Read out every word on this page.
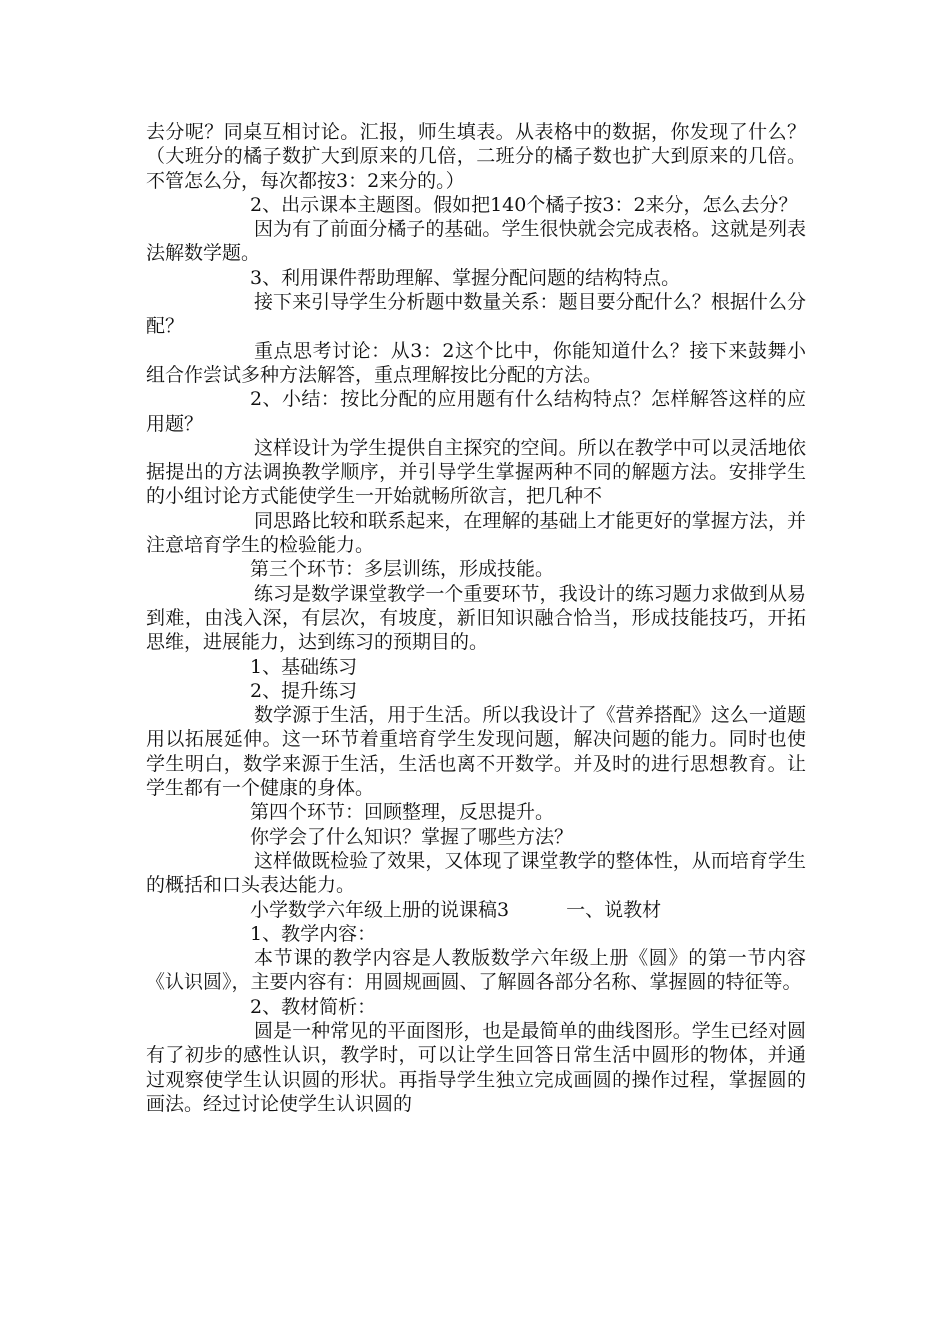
去分呢？同桌互相讨论。汇报，师生填表。从表格中的数据，你发现了什么？（大班分的橘子数扩大到原来的几倍，二班分的橘子数也扩大到原来的几倍。不管怎么分，每次都按3：2来分的。）

2、出示课本主题图。假如把140个橘子按3：2来分，怎么去分？

因为有了前面分橘子的基础。学生很快就会完成表格。这就是列表法解数学题。

3、利用课件帮助理解、掌握分配问题的结构特点。

接下来引导学生分析题中数量关系：题目要分配什么？根据什么分配？

重点思考讨论：从3：2这个比中，你能知道什么？接下来鼓舞小组合作尝试多种方法解答，重点理解按比分配的方法。

2、小结：按比分配的应用题有什么结构特点？怎样解答这样的应用题？

这样设计为学生提供自主探究的空间。所以在教学中可以灵活地依据提出的方法调换教学顺序，并引导学生掌握两种不同的解题方法。安排学生的小组讨论方式能使学生一开始就畅所欲言，把几种不

同思路比较和联系起来，在理解的基础上才能更好的掌握方法，并注意培育学生的检验能力。

第三个环节：多层训练，形成技能。

练习是数学课堂教学一个重要环节，我设计的练习题力求做到从易到难，由浅入深，有层次，有坡度，新旧知识融合恰当，形成技能技巧，开拓思维，进展能力，达到练习的预期目的。

1、基础练习

2、提升练习

数学源于生活，用于生活。所以我设计了《营养搭配》这么一道题用以拓展延伸。这一环节着重培育学生发现问题，解决问题的能力。同时也使学生明白，数学来源于生活，生活也离不开数学。并及时的进行思想教育。让学生都有一个健康的身体。

第四个环节：回顾整理，反思提升。

你学会了什么知识？掌握了哪些方法？

这样做既检验了效果，又体现了课堂教学的整体性，从而培育学生的概括和口头表达能力。

小学数学六年级上册的说课稿3　　　一、说教材

1、教学内容：

本节课的教学内容是人教版数学六年级上册《圆》的第一节内容《认识圆》，主要内容有：用圆规画圆、了解圆各部分名称、掌握圆的特征等。

2、教材简析：

圆是一种常见的平面图形，也是最简单的曲线图形。学生已经对圆有了初步的感性认识，教学时，可以让学生回答日常生活中圆形的物体，并通过观察使学生认识圆的形状。再指导学生独立完成画圆的操作过程，掌握圆的画法。经过讨论使学生认识圆的
